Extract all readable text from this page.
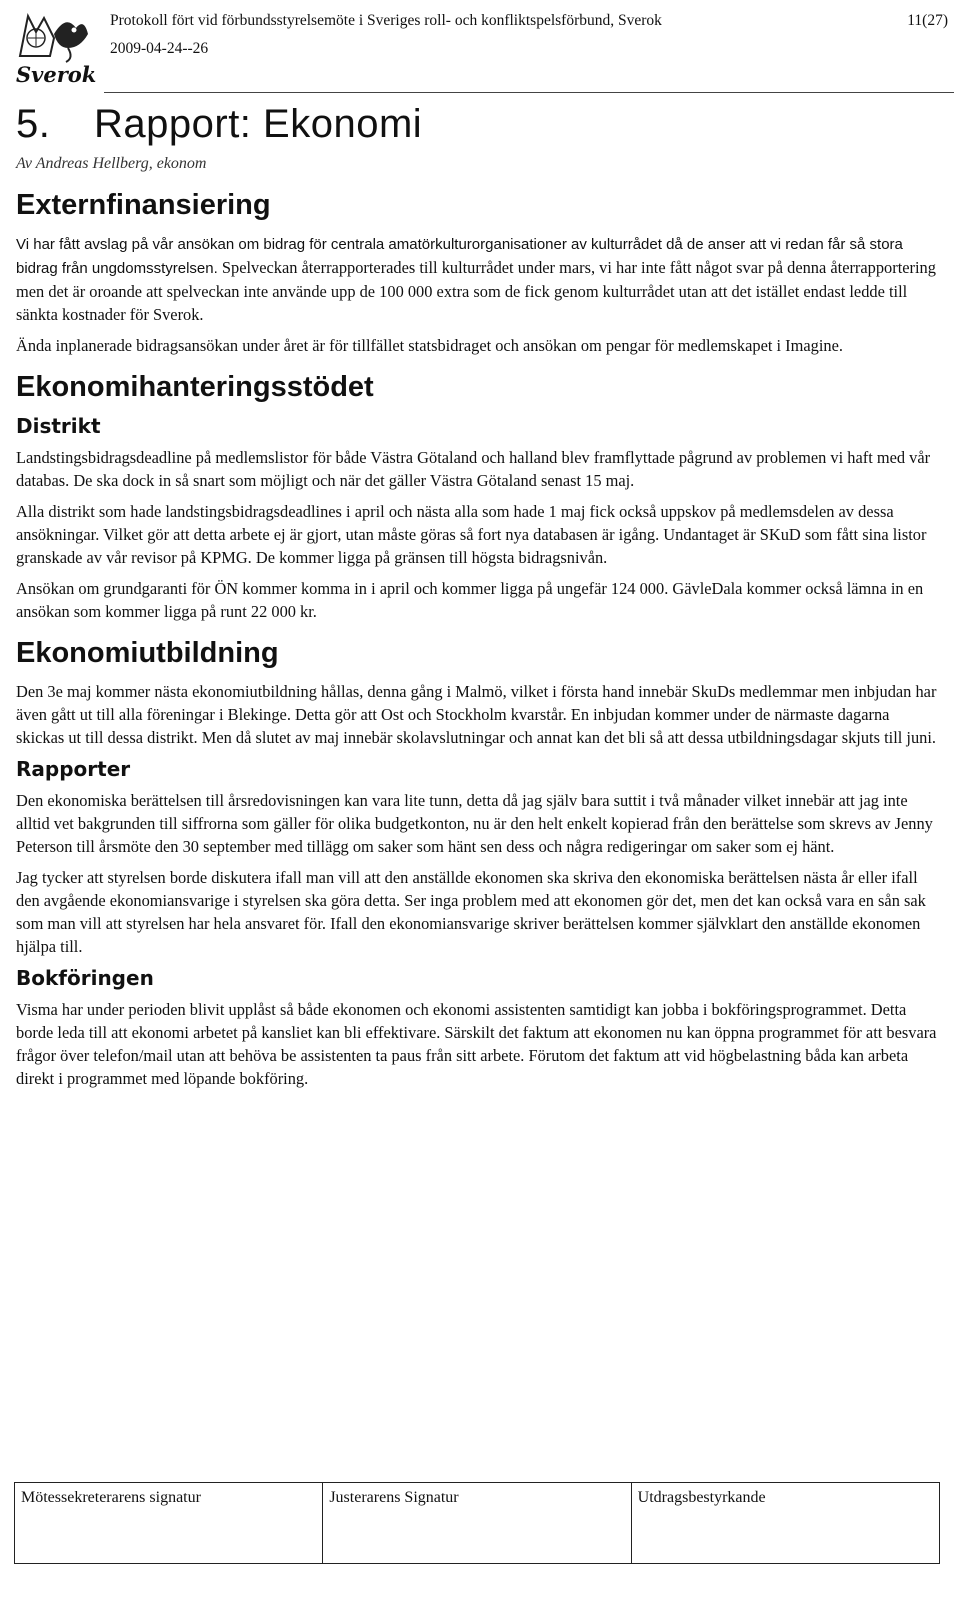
Sverok
Protokoll fört vid förbundsstyrelsemöte i Sveriges roll- och konfliktspelsförbund, Sverok
2009-04-24--26
11(27)
5. Rapport: Ekonomi
Av Andreas Hellberg, ekonom
Externfinansiering

Vi har fått avslag på vår ansökan om bidrag för centrala amatörkulturorganisationer av kulturrådet då de anser att vi redan får så stora bidrag från ungdomsstyrelsen. Spelveckan återrapporterades till kulturrådet under mars, vi har inte fått något svar på denna återrapportering men det är oroande att spelveckan inte använde upp de 100 000 extra som de fick genom kulturrådet utan att det istället endast ledde till sänkta kostnader för Sverok.

Ända inplanerade bidragsansökan under året är för tillfället statsbidraget och ansökan om pengar för medlemskapet i Imagine.

Ekonomihanteringsstödet
Distrikt

Landstingsbidragsdeadline på medlemslistor för både Västra Götaland och halland blev framflyttade pågrund av problemen vi haft med vår databas. De ska dock in så snart som möjligt och när det gäller Västra Götaland senast 15 maj.

Alla distrikt som hade landstingsbidragsdeadlines i april och nästa alla som hade 1 maj fick också uppskov på medlemsdelen av dessa ansökningar. Vilket gör att detta arbete ej är gjort, utan måste göras så fort nya databasen är igång. Undantaget är SKuD som fått sina listor granskade av vår revisor på KPMG. De kommer ligga på gränsen till högsta bidragsnivån.

Ansökan om grundgaranti för ÖN kommer komma in i april och kommer ligga på ungefär 124 000. GävleDala kommer också lämna in en ansökan som kommer ligga på runt 22 000 kr.

Ekonomiutbildning

Den 3e maj kommer nästa ekonomiutbildning hållas, denna gång i Malmö, vilket i första hand innebär SkuDs medlemmar men inbjudan har även gått ut till alla föreningar i Blekinge. Detta gör att Ost och Stockholm kvarstår. En inbjudan kommer under de närmaste dagarna skickas ut till dessa distrikt. Men då slutet av maj innebär skolavslutningar och annat kan det bli så att dessa utbildningsdagar skjuts till juni.

Rapporter

Den ekonomiska berättelsen till årsredovisningen kan vara lite tunn, detta då jag själv bara suttit i två månader vilket innebär att jag inte alltid vet bakgrunden till siffrorna som gäller för olika budgetkonton, nu är den helt enkelt kopierad från den berättelse som skrevs av Jenny Peterson till årsmöte den 30 september med tillägg om saker som hänt sen dess och några redigeringar om saker som ej hänt.

Jag tycker att styrelsen borde diskutera ifall man vill att den anställde ekonomen ska skriva den ekonomiska berättelsen nästa år eller ifall den avgående ekonomiansvarige i styrelsen ska göra detta. Ser inga problem med att ekonomen gör det, men det kan också vara en sån sak som man vill att styrelsen har hela ansvaret för. Ifall den ekonomiansvarige skriver berättelsen kommer självklart den anställde ekonomen hjälpa till.

Bokföringen

Visma har under perioden blivit upplåst så både ekonomen och ekonomi assistenten samtidigt kan jobba i bokföringsprogrammet. Detta borde leda till att ekonomi arbetet på kansliet kan bli effektivare. Särskilt det faktum att ekonomen nu kan öppna programmet för att besvara frågor över telefon/mail utan att behöva be assistenten ta paus från sitt arbete. Förutom det faktum att vid högbelastning båda kan arbeta direkt i programmet med löpande bokföring.

Mötessekreterarens signatur	Justerarens Signatur	Utdragsbestyrkande
